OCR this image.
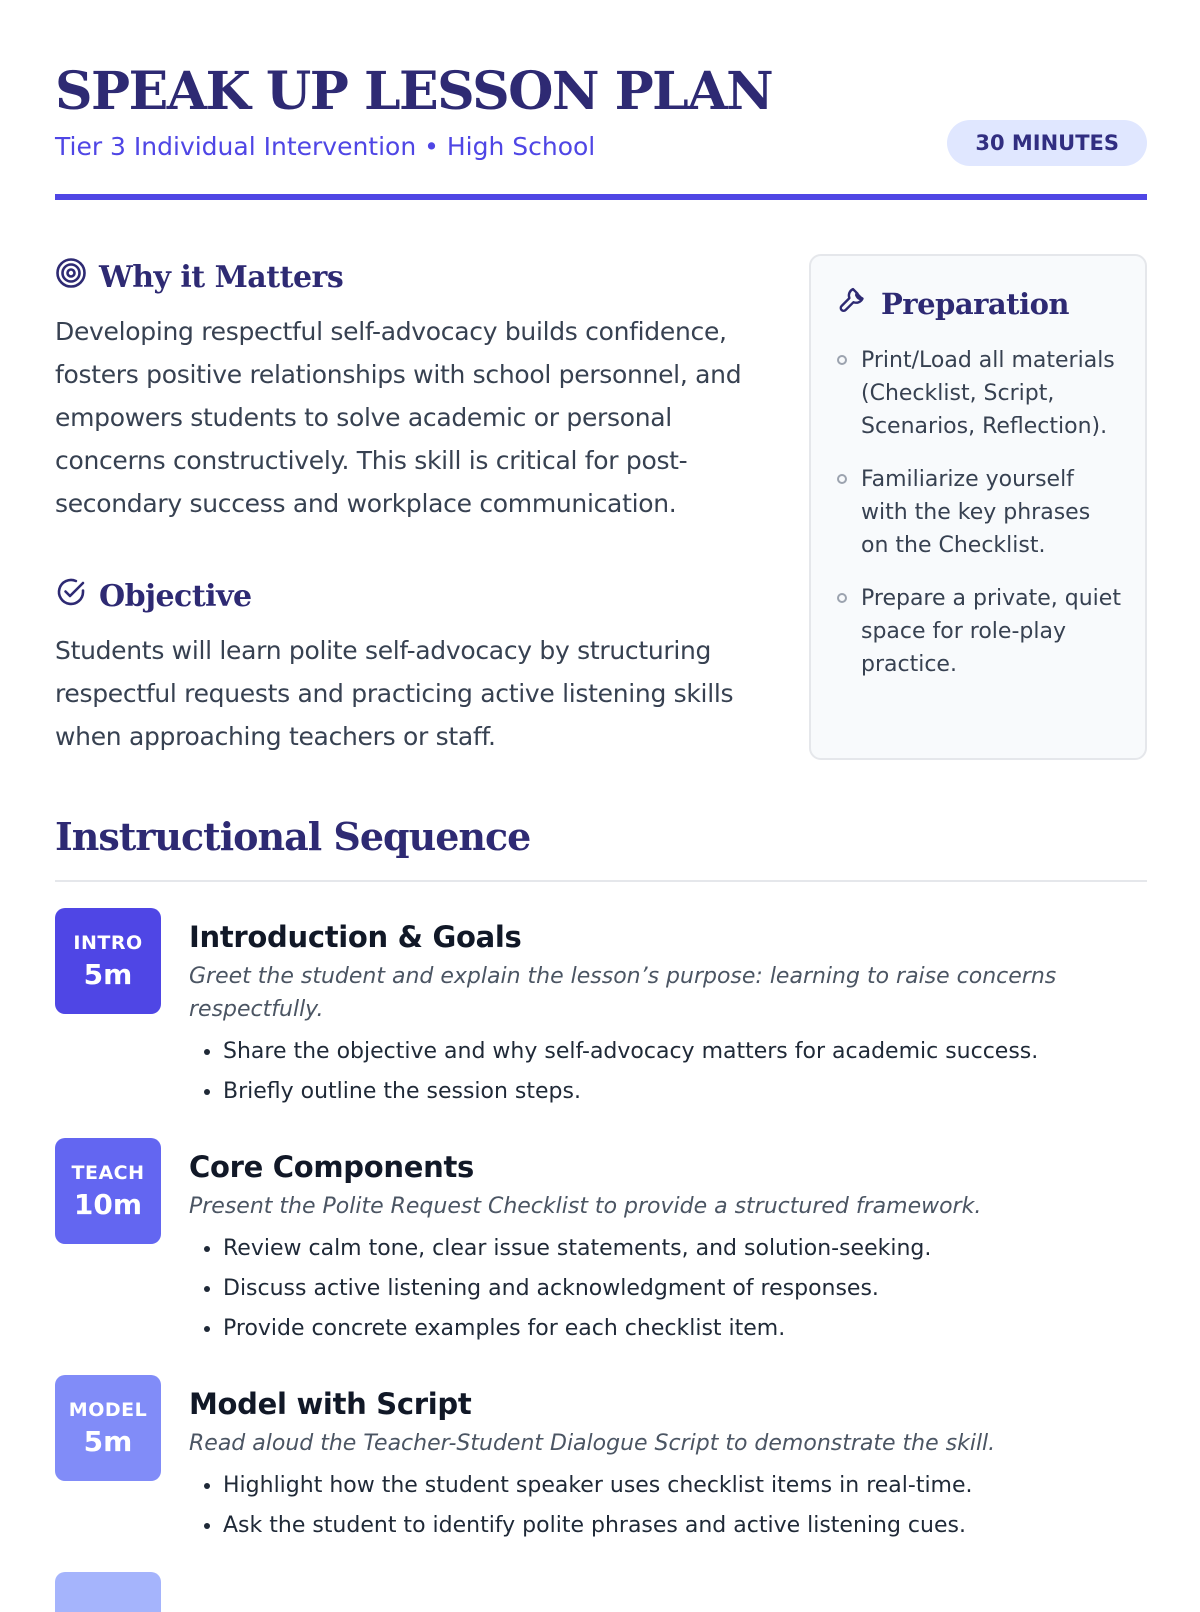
SPEAK UP LESSON PLAN
Tier 3 Individual Intervention • High School	30 MINUTES
Why it Matters

Developing respectful self-advocacy builds confidence, fosters positive relationships with school personnel, and empowers students to solve academic or personal concerns constructively. This skill is critical for post-secondary success and workplace communication.

Objective

Students will learn polite self-advocacy by structuring respectful requests and practicing active listening skills when approaching teachers or staff.

Preparation
Print/Load all materials (Checklist, Script, Scenarios, Reflection).
Familiarize yourself with the key phrases on the Checklist.
Prepare a private, quiet space for role-play practice.
Instructional Sequence
INTRO
5m
Introduction & Goals

Greet the student and explain the lesson’s purpose: learning to raise concerns respectfully.

• Share the objective and why self-advocacy matters for academic success.
• Briefly outline the session steps.
TEACH
10m
Core Components

Present the Polite Request Checklist to provide a structured framework.

• Review calm tone, clear issue statements, and solution-seeking.
• Discuss active listening and acknowledgment of responses.
• Provide concrete examples for each checklist item.
MODEL
5m
Model with Script

Read aloud the Teacher-Student Dialogue Script to demonstrate the skill.

• Highlight how the student speaker uses checklist items in real-time.
• Ask the student to identify polite phrases and active listening cues.
